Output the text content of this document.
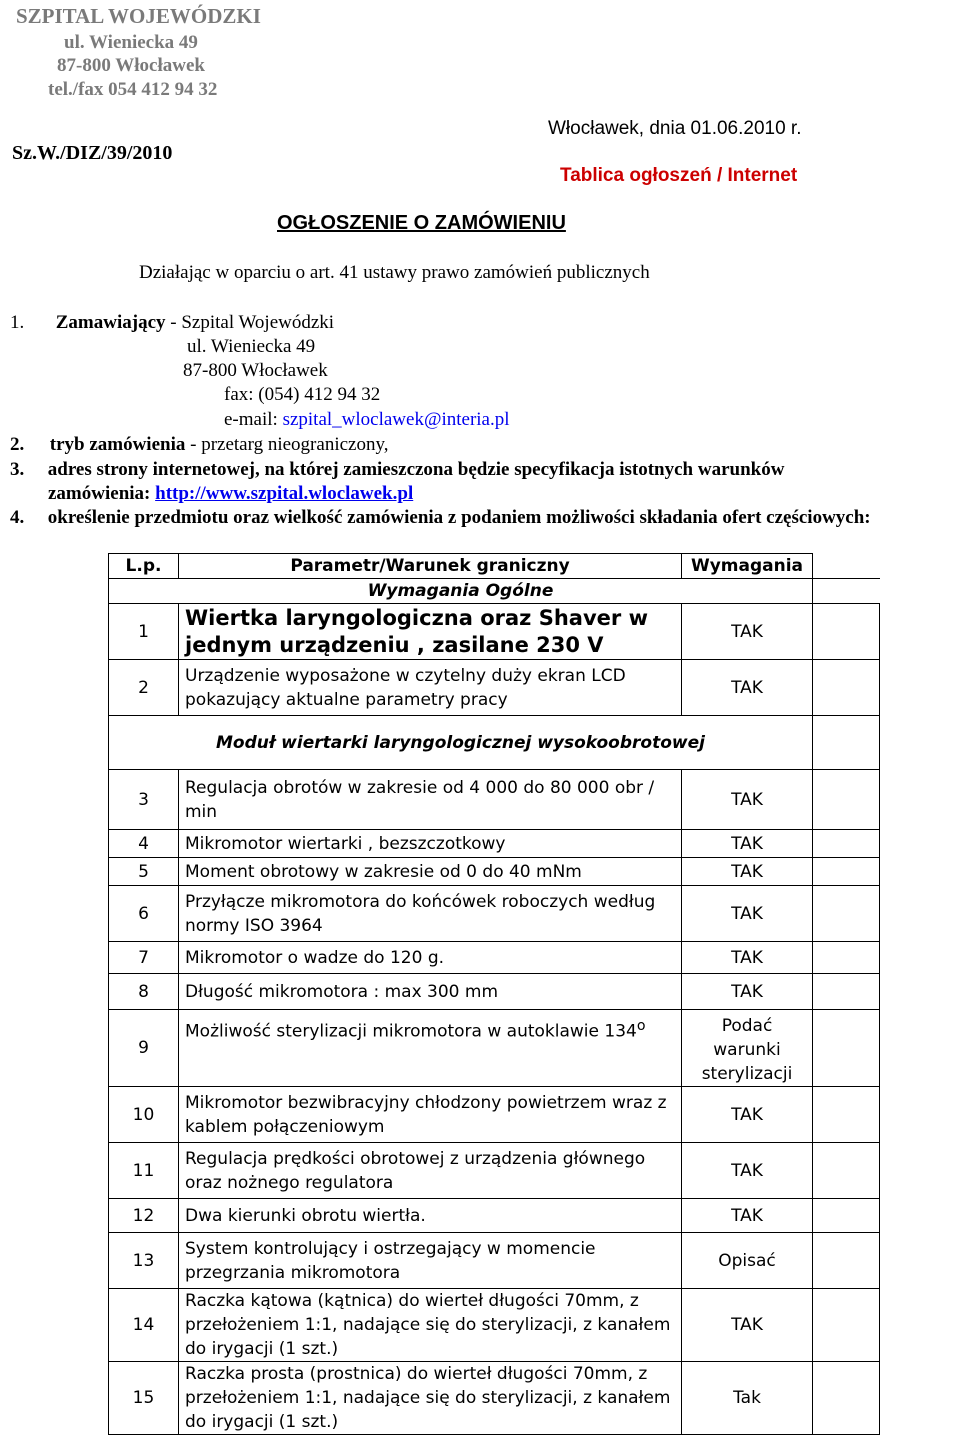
SZPITAL WOJEWÓDZKI
ul. Wieniecka 49
87-800 Włocławek
tel./fax 054 412 94 32
Sz.W./DIZ/39/2010
Włocławek, dnia 01.06.2010 r.
Tablica ogłoszeń / Internet
OGŁOSZENIE O ZAMÓWIENIU
Działając w oparciu o art. 41 ustawy prawo zamówień publicznych
1. Zamawiający - Szpital Wojewódzki
ul. Wieniecka 49
87-800 Włocławek
fax: (054) 412 94 32
e-mail: szpital_wloclawek@interia.pl
2. tryb zamówienia - przetarg nieograniczony,
3. adres strony internetowej, na której zamieszczona będzie specyfikacja istotnych warunków
zamówienia: http://www.szpital.wloclawek.pl
4. określenie przedmiotu oraz wielkość zamówienia z podaniem możliwości składania ofert częściowych:
L.p.	Parametr/Warunek graniczny	Wymagania	
Wymagania Ogólne			
1	Wiertka laryngologiczna oraz Shaver w jednym urządzeniu , zasilane 230 V	TAK	
2	Urządzenie wyposażone w czytelny duży ekran LCD pokazujący aktualne parametry pracy	TAK	
Moduł wiertarki laryngologicznej wysokoobrotowej			
3	Regulacja obrotów w zakresie od 4 000 do 80 000 obr / min	TAK	
4	Mikromotor wiertarki , bezszczotkowy	TAK	
5	Moment obrotowy w zakresie od 0 do 40 mNm	TAK	
6	Przyłącze mikromotora do końcówek roboczych według normy ISO 3964	TAK	
7	Mikromotor o wadze do 120 g.	TAK	
8	Długość mikromotora : max 300 mm	TAK	
9	Możliwość sterylizacji mikromotora w autoklawie 134$^o$	Podać warunki sterylizacji	
10	Mikromotor bezwibracyjny chłodzony powietrzem wraz z kablem połączeniowym	TAK	
11	Regulacja prędkości obrotowej z urządzenia głównego oraz nożnego regulatora	TAK	
12	Dwa kierunki obrotu wiertła.	TAK	
13	System kontrolujący i ostrzegający w momencie przegrzania mikromotora	Opisać	
14	Raczka kątowa (kątnica) do wierteł długości 70mm, z przełożeniem 1:1, nadające się do sterylizacji, z kanałem do irygacji (1 szt.)	TAK	
15	Raczka prosta (prostnica) do wierteł długości 70mm, z przełożeniem 1:1, nadające się do sterylizacji, z kanałem do irygacji (1 szt.)	Tak	
